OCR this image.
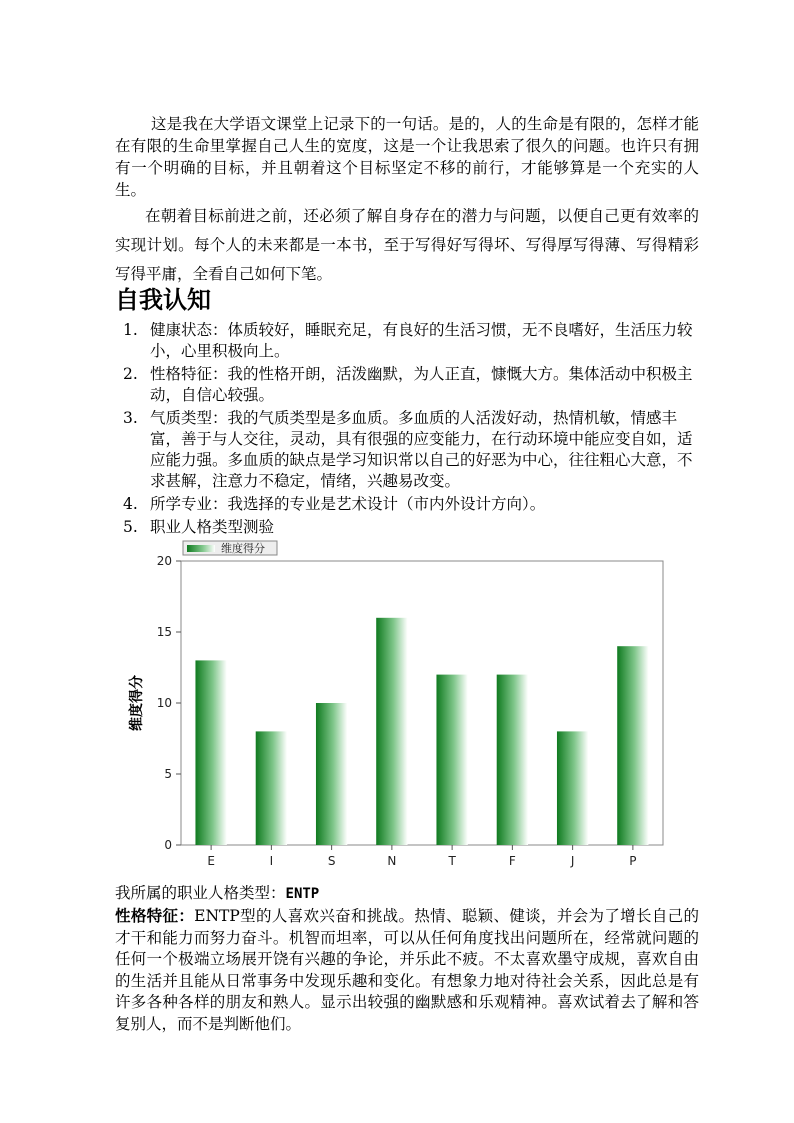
这是我在大学语文课堂上记录下的一句话。是的，人的生命是有限的，怎样才能在有限的生命里掌握自己人生的宽度，这是一个让我思索了很久的问题。也许只有拥有一个明确的目标，并且朝着这个目标坚定不移的前行，才能够算是一个充实的人生。

在朝着目标前进之前，还必须了解自身存在的潜力与问题，以便自己更有效率的实现计划。每个人的未来都是一本书，至于写得好写得坏、写得厚写得薄、写得精彩写得平庸，全看自己如何下笔。

自我认知
1. 健康状态：体质较好，睡眠充足，有良好的生活习惯，无不良嗜好，生活压力较小，心里积极向上。
2. 性格特征：我的性格开朗，活泼幽默，为人正直，慷慨大方。集体活动中积极主动，自信心较强。
3. 气质类型：我的气质类型是多血质。多血质的人活泼好动，热情机敏，情感丰富，善于与人交往，灵动，具有很强的应变能力，在行动环境中能应变自如，适应能力强。多血质的缺点是学习知识常以自己的好恶为中心，往往粗心大意，不求甚解，注意力不稳定，情绪，兴趣易改变。
4. 所学专业：我选择的专业是艺术设计（市内外设计方向）。
5. 职业人格类型测验
0
5
10
15
20
维度得分
E	I	S	N	T	F	J	P
维度得分

我所属的职业人格类型：ENTP

性格特征：ENTP型的人喜欢兴奋和挑战。热情、聪颖、健谈，并会为了增长自己的才干和能力而努力奋斗。机智而坦率，可以从任何角度找出问题所在，经常就问题的任何一个极端立场展开饶有兴趣的争论，并乐此不疲。不太喜欢墨守成规，喜欢自由的生活并且能从日常事务中发现乐趣和变化。有想象力地对待社会关系，因此总是有许多各种各样的朋友和熟人。显示出较强的幽默感和乐观精神。喜欢试着去了解和答复别人，而不是判断他们。
